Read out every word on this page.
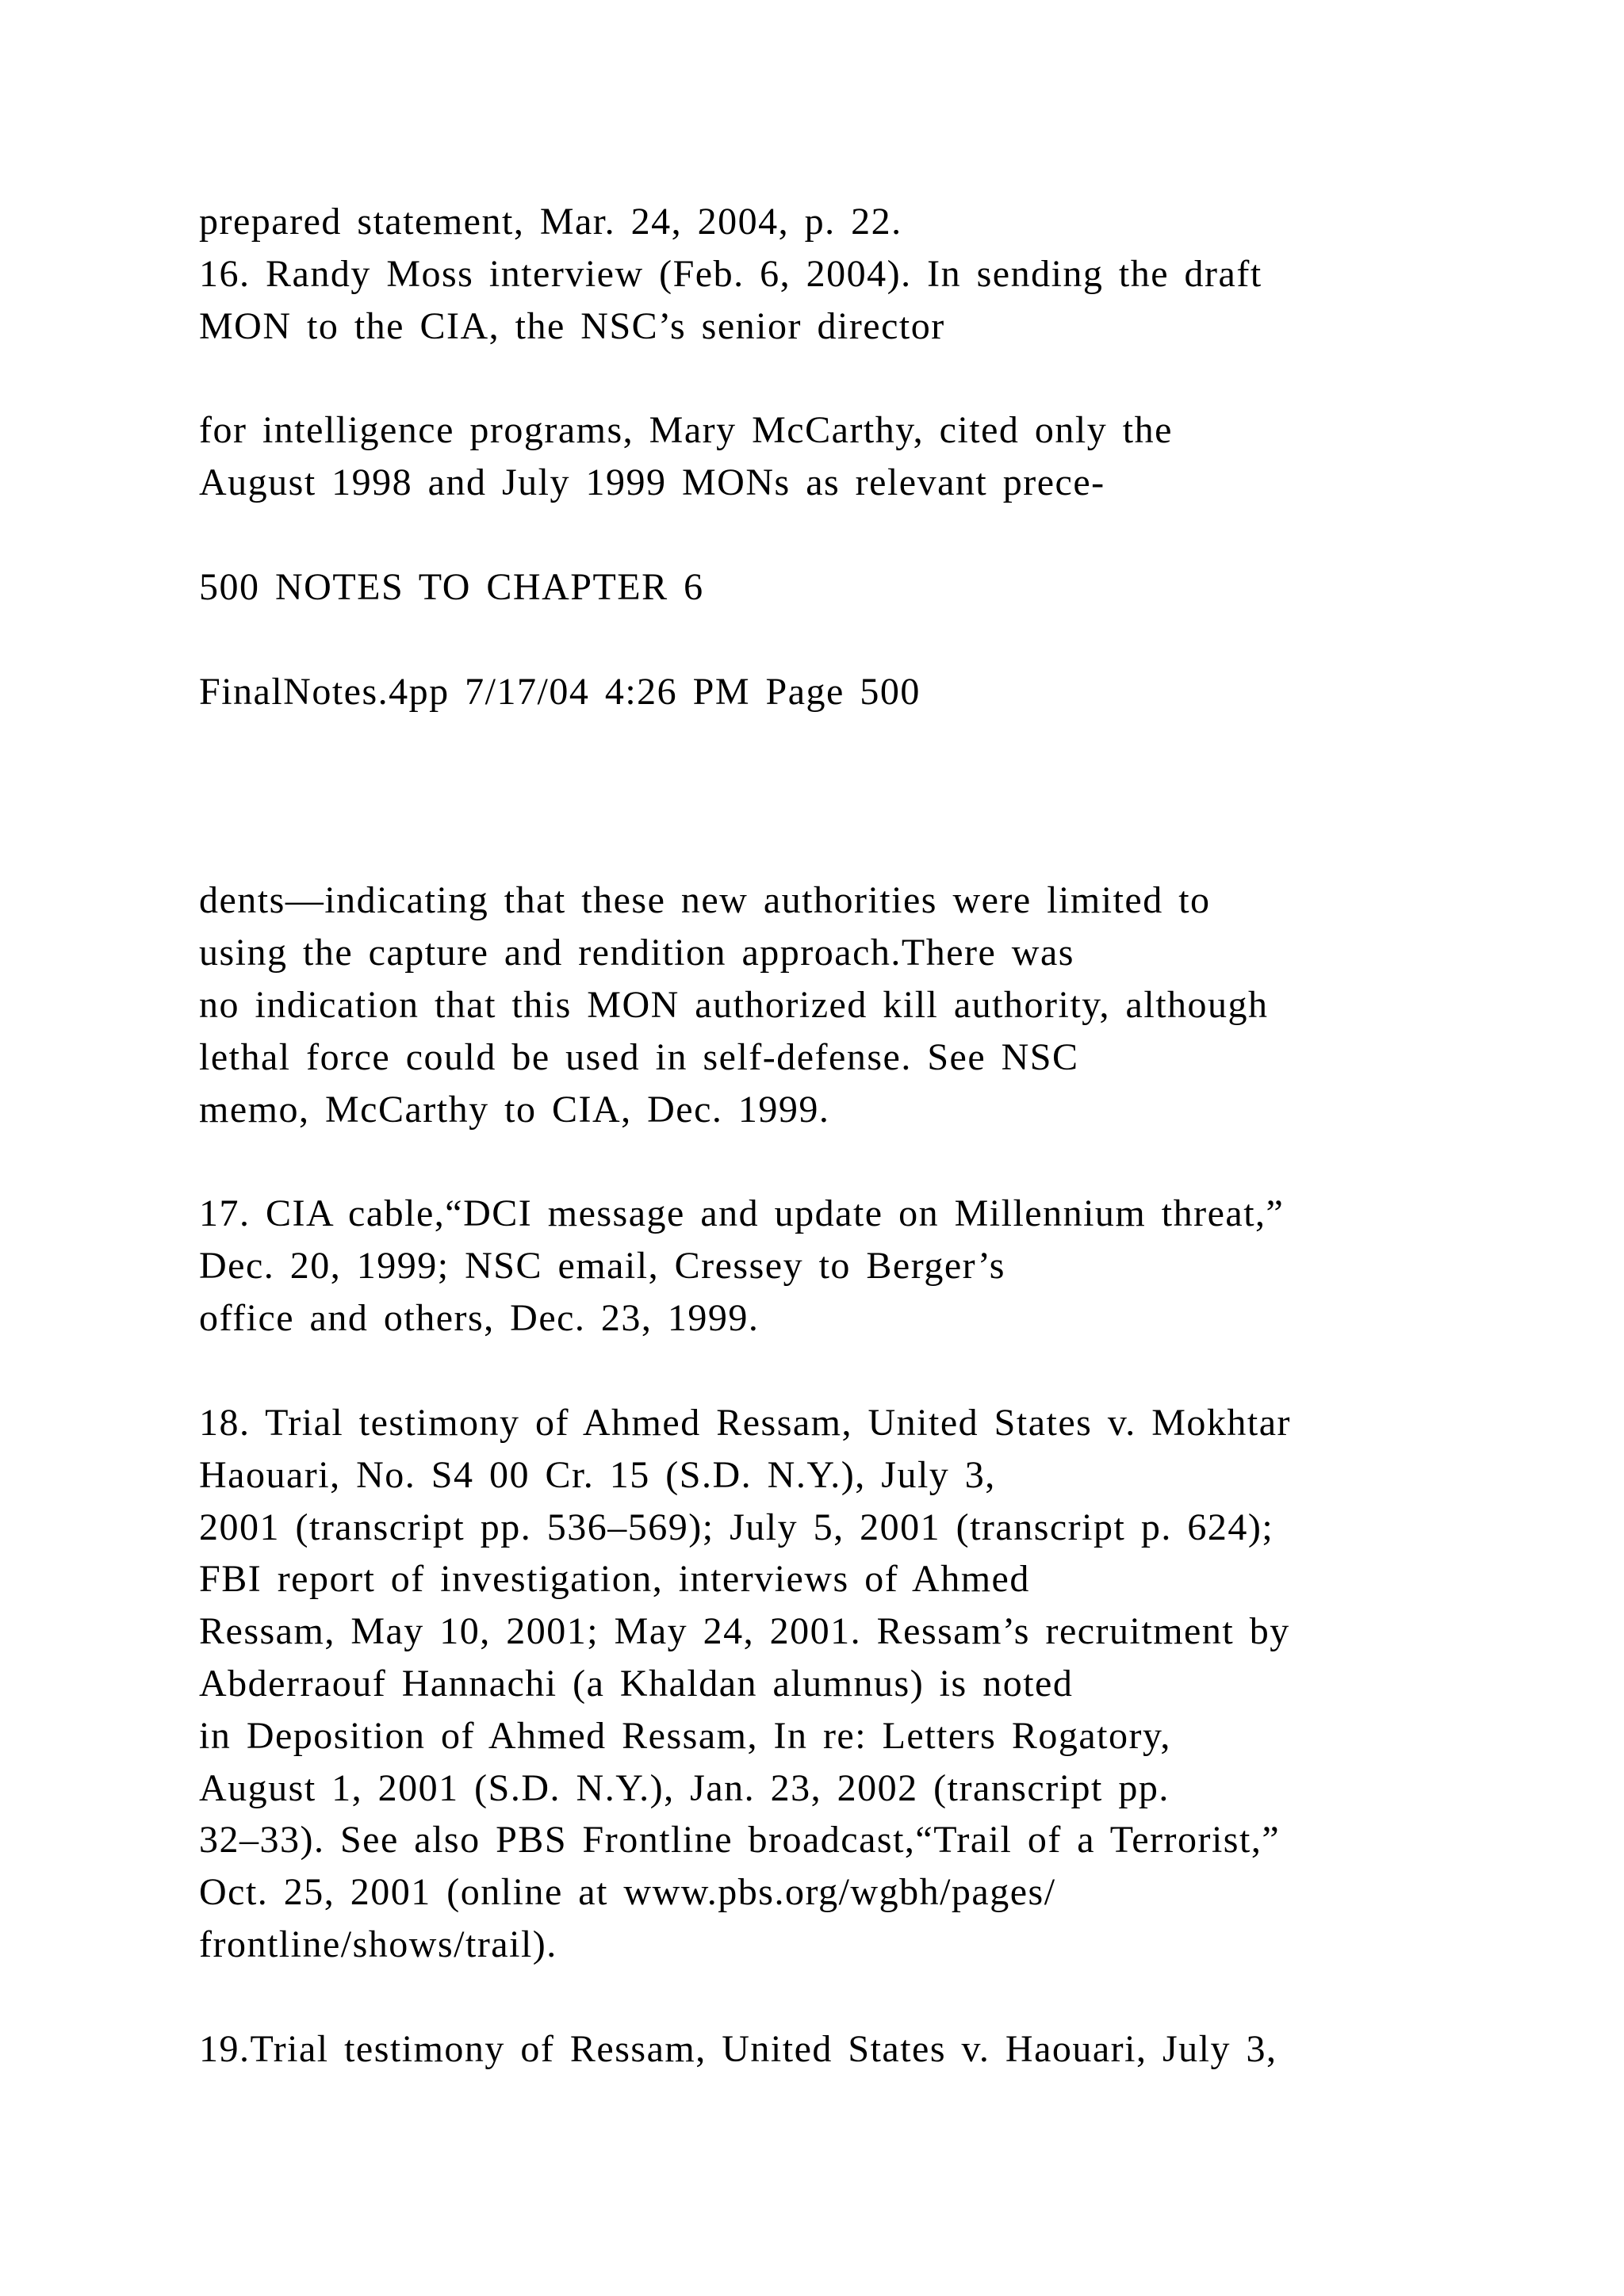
prepared statement, Mar. 24, 2004, p. 22.
16. Randy Moss interview (Feb. 6, 2004). In sending the draft
MON to the CIA, the NSC’s senior director
for intelligence programs, Mary McCarthy, cited only the
August 1998 and July 1999 MONs as relevant prece-
500 NOTES TO CHAPTER 6
FinalNotes.4pp 7/17/04 4:26 PM Page 500
dents—indicating that these new authorities were limited to
using the capture and rendition approach.There was
no indication that this MON authorized kill authority, although
lethal force could be used in self-defense. See NSC
memo, McCarthy to CIA, Dec. 1999.
17. CIA cable,“DCI message and update on Millennium threat,”
Dec. 20, 1999; NSC email, Cressey to Berger’s
office and others, Dec. 23, 1999.
18. Trial testimony of Ahmed Ressam, United States v. Mokhtar
Haouari, No. S4 00 Cr. 15 (S.D. N.Y.), July 3,
2001 (transcript pp. 536–569); July 5, 2001 (transcript p. 624);
FBI report of investigation, interviews of Ahmed
Ressam, May 10, 2001; May 24, 2001. Ressam’s recruitment by
Abderraouf Hannachi (a Khaldan alumnus) is noted
in Deposition of Ahmed Ressam, In re: Letters Rogatory,
August 1, 2001 (S.D. N.Y.), Jan. 23, 2002 (transcript pp.
32–33). See also PBS Frontline broadcast,“Trail of a Terrorist,”
Oct. 25, 2001 (online at www.pbs.org/wgbh/pages/
frontline/shows/trail).
19.Trial testimony of Ressam, United States v. Haouari, July 3,
